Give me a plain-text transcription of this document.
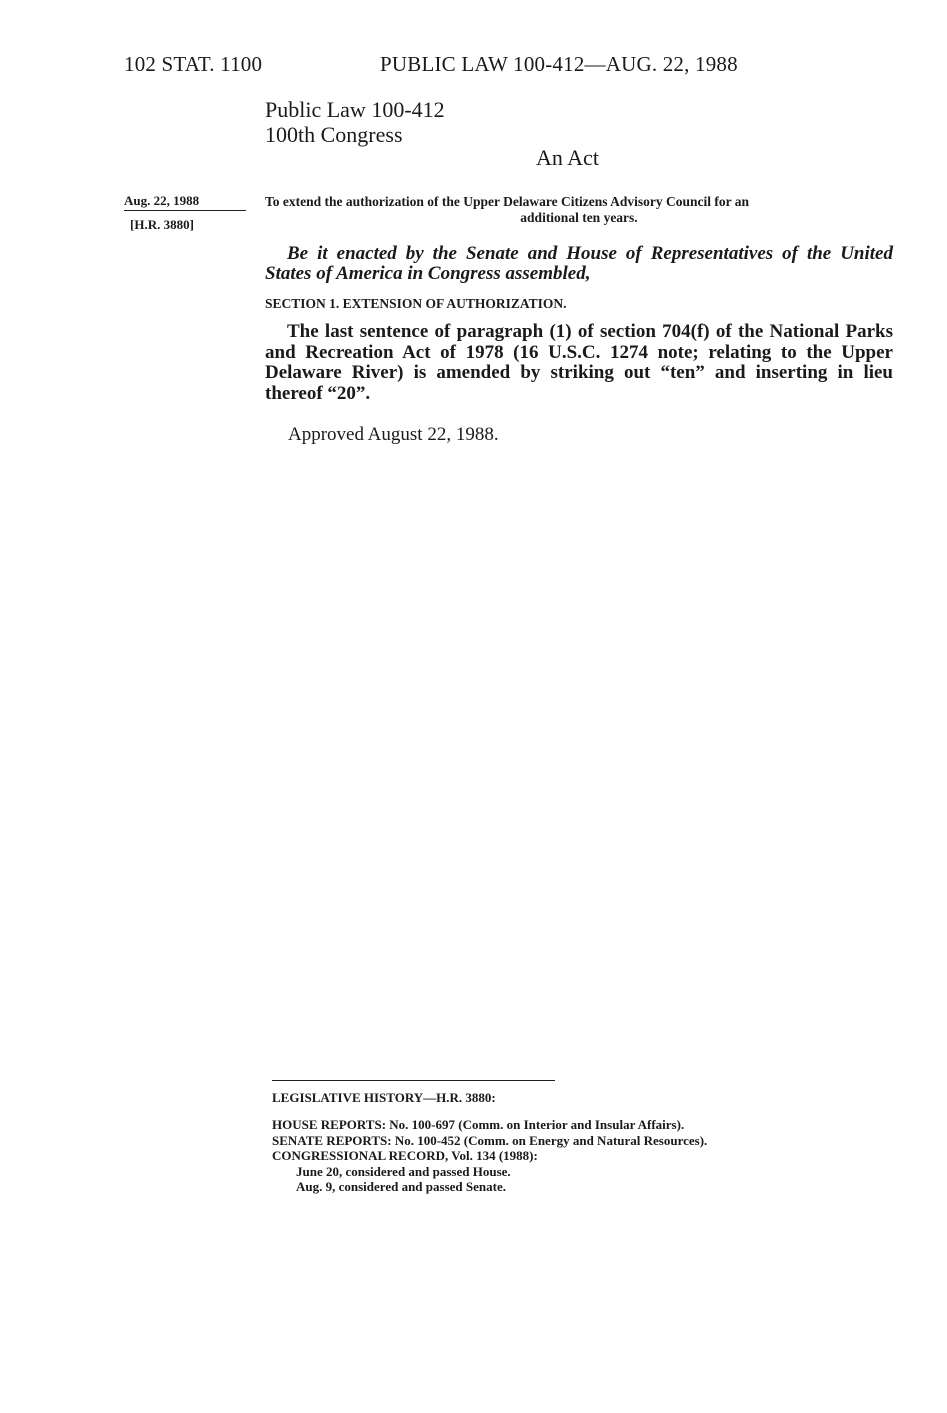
102 STAT. 1100	PUBLIC LAW 100-412—AUG. 22, 1988
Public Law 100-412
100th Congress
An Act
Aug. 22, 1988
[H.R. 3880]
To extend the authorization of the Upper Delaware Citizens Advisory Council for an
additional ten years.

Be it enacted by the Senate and House of Representatives of the United States of America in Congress assembled,

SECTION 1. EXTENSION OF AUTHORIZATION.

The last sentence of paragraph (1) of section 704(f) of the National Parks and Recreation Act of 1978 (16 U.S.C. 1274 note; relating to the Upper Delaware River) is amended by striking out “ten” and inserting in lieu thereof “20”.

Approved August 22, 1988.
LEGISLATIVE HISTORY—H.R. 3880:
HOUSE REPORTS: No. 100-697 (Comm. on Interior and Insular Affairs).
SENATE REPORTS: No. 100-452 (Comm. on Energy and Natural Resources).
CONGRESSIONAL RECORD, Vol. 134 (1988):
June 20, considered and passed House.
Aug. 9, considered and passed Senate.
